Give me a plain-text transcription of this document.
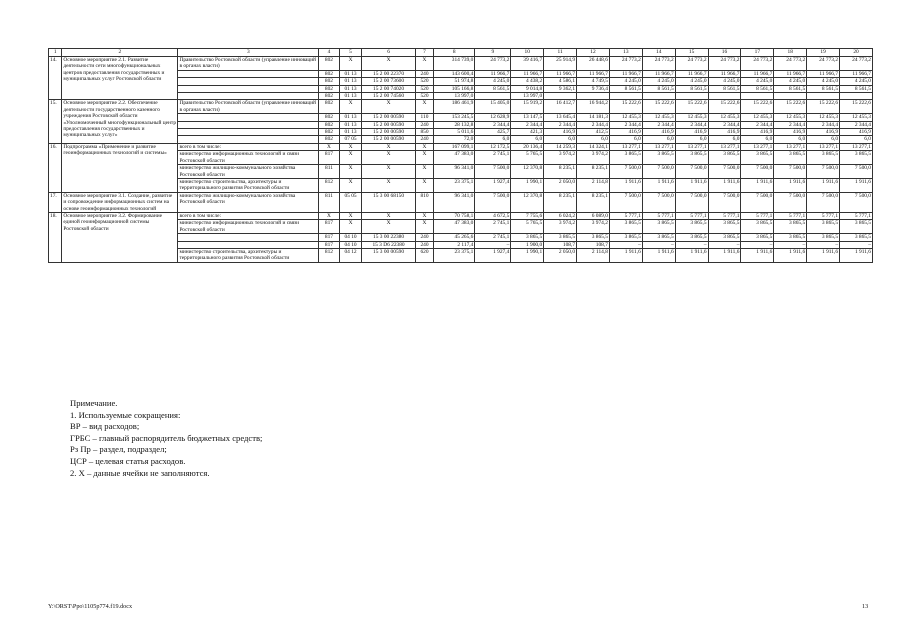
1	2	3	4	5	6	7	8	9	10	11	12	13	14	15	16	17	18	19	20
14.	Основное мероприятие 2.1. Развитие деятельности сети многофункциональных центров предоставления государственных и муниципальных услуг Ростовской области	Правительство Ростовской области (управление инноваций в органах власти)	802	X	X	X	314 739,0	24 773,2	39 416,7	25 914,9	26 448,6	24 773,2	24 773,2	24 773,2	24 773,2	24 773,2	24 773,2	24 773,2	24 773,2
			802	01 13	15 2 00 22370	240	143 600,4	11 966,7	11 966,7	11 966,7	11 966,7	11 966,7	11 966,7	11 966,7	11 966,7	11 966,7	11 966,7	11 966,7	11 966,7
			802	01 13	15 2 00 73600	520	51 974,8	4 245,0	4 438,2	4 586,1	4 749,5	4 245,0	4 245,0	4 245,0	4 245,0	4 245,0	4 245,0	4 245,0	4 245,0
			802	01 13	15 2 00 74020	520	105 166,8	8 561,5	9 014,8	9 362,1	9 736,4	8 561,5	8 561,5	8 561,5	8 561,5	8 561,5	8 561,5	8 561,5	8 561,5
			802	01 13	15 2 00 74560	520	13 997,0		13 997,0										
15.	Основное мероприятие 2.2. Обеспечение деятельности государственного казенного учреждения Ростовской области «Уполномоченный многофункциональный центр предоставления государственных и муниципальных услуг»	Правительство Ростовской области (управление инноваций в органах власти)	802	X	X	X	186 461,9	15 405,0	15 919,2	16 412,7	16 944,2	15 222,6	15 222,6	15 222,6	15 222,6	15 222,6	15 222,6	15 222,6	15 222,6
			802	01 13	15 2 00 00590	110	153 245,5	12 628,9	13 147,5	13 645,4	14 181,3	12 455,3	12 455,3	12 455,3	12 455,3	12 455,3	12 455,3	12 455,3	12 455,3
			802	01 13	15 2 00 00590	240	28 132,8	2 344,4	2 344,4	2 344,4	2 344,4	2 344,4	2 344,4	2 344,4	2 344,4	2 344,4	2 344,4	2 344,4	2 344,4
			802	01 13	15 2 00 00590	850	5 011,6	425,7	421,3	416,9	412,5	416,9	416,9	416,9	416,9	416,9	416,9	416,9	416,9
			802	07 05	15 2 00 00590	240	72,0	6,0	6,0	6,0	6,0	6,0	6,0	6,0	6,0	6,0	6,0	6,0	6,0
16.	Подпрограмма «Применение и развитие геоинформационных технологий и системы»	всего в том числе:	X	X	X	X	167 099,1	12 172,5	20 136,4	14 259,3	14 324,1	13 277,1	13 277,1	13 277,1	13 277,1	13 277,1	13 277,1	13 277,1	13 277,1
		министерство информационных технологий и связи Ростовской области	817	X	X	X	47 383,0	2 745,1	5 765,5	3 974,2	3 974,2	3 865,5	3 865,5	3 865,5	3 865,5	3 865,5	3 865,5	3 865,5	3 865,5
		министерство жилищно-коммунального хозяйства Ростовской области	811	X	X	X	96 341,0	7 500,0	12 370,8	8 235,1	8 235,1	7 500,0	7 500,0	7 500,0	7 500,0	7 500,0	7 500,0	7 500,0	7 500,0
		министерство строительства, архитектуры и территориального развития Ростовской области	812	X	X	X	23 375,1	1 927,4	1 990,1	2 050,0	2 114,8	1 911,6	1 911,6	1 911,6	1 911,6	1 911,6	1 911,6	1 911,6	1 911,6
17.	Основное мероприятие 3.1. Создание, развитие и сопровождение информационных систем на основе геоинформационных технологий	министерство жилищно-коммунального хозяйства Ростовской области	811	05 05	15 3 00 68150	810	96 341,0	7 500,0	12 370,8	8 235,1	8 235,1	7 500,0	7 500,0	7 500,0	7 500,0	7 500,0	7 500,0	7 500,0	7 500,0
18.	Основное мероприятие 3.2. Формирование единой геоинформационной системы Ростовской области	всего в том числе:	X	X	X	X	70 758,1	4 672,5	7 755,6	6 024,2	6 089,0	5 777,1	5 777,1	5 777,1	5 777,1	5 777,1	5 777,1	5 777,1	5 777,1
		министерство информационных технологий и связи Ростовской области	817	X	X	X	47 383,0	2 745,1	5 765,5	3 974,2	3 974,2	3 865,5	3 865,5	3 865,5	3 865,5	3 865,5	3 865,5	3 865,5	3 865,5
			817	04 10	15 3 00 22380	240	45 265,6	2 745,1	3 865,5	3 865,5	3 865,5	3 865,5	3 865,5	3 865,5	3 865,5	3 865,5	3 865,5	3 865,5	3 865,5
			817	04 10	15 3 D6 22380	240	2 117,4	–	1 900,0	108,7	108,7	–	–	–	–	–	–	–	–
		министерство строительства, архитектуры и территориального развития Ростовской области	812	04 12	15 3 00 00590	620	23 375,1	1 927,4	1 990,1	2 050,0	2 114,8	1 911,6	1 911,6	1 911,6	1 911,6	1 911,6	1 911,6	1 911,6	1 911,6
Примечание.
1. Используемые сокращения:
ВР – вид расходов;
ГРБС – главный распорядитель бюджетных средств;
Рз Пр – раздел, подраздел;
ЦСР – целевая статья расходов.
2. Х – данные ячейки не заполняются.
Y:\ORST\Ppo\1105p774.f19.docx	13
